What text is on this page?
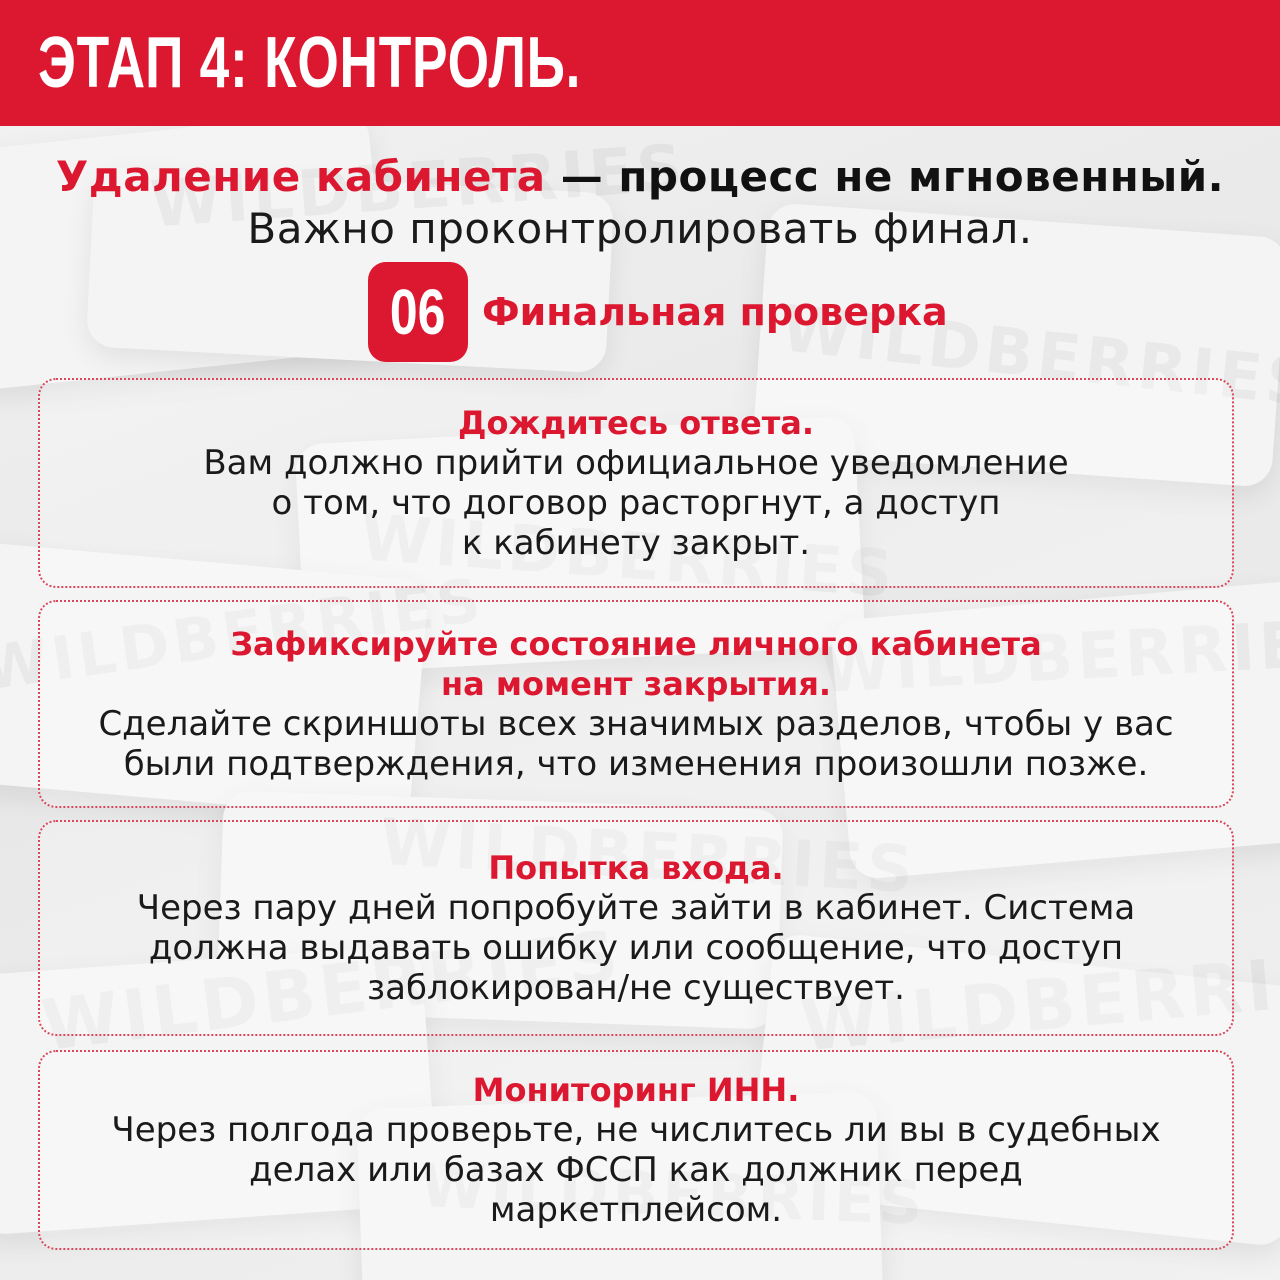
ЭТАП 4: КОНТРОЛЬ.
Удаление кабинета — процесс не мгновенный.
Важно проконтролировать финал.
06 Финальная проверка
Дождитесь ответа.
Вам должно прийти официальное уведомление
о том, что договор расторгнут, а доступ
к кабинету закрыт.
Зафиксируйте состояние личного кабинета
на момент закрытия.
Сделайте скриншоты всех значимых разделов, чтобы у вас
были подтверждения, что изменения произошли позже.
Попытка входа.
Через пару дней попробуйте зайти в кабинет. Система
должна выдавать ошибку или сообщение, что доступ
заблокирован/не существует.
Мониторинг ИНН.
Через полгода проверьте, не числитесь ли вы в судебных
делах или базах ФССП как должник перед
маркетплейсом.
